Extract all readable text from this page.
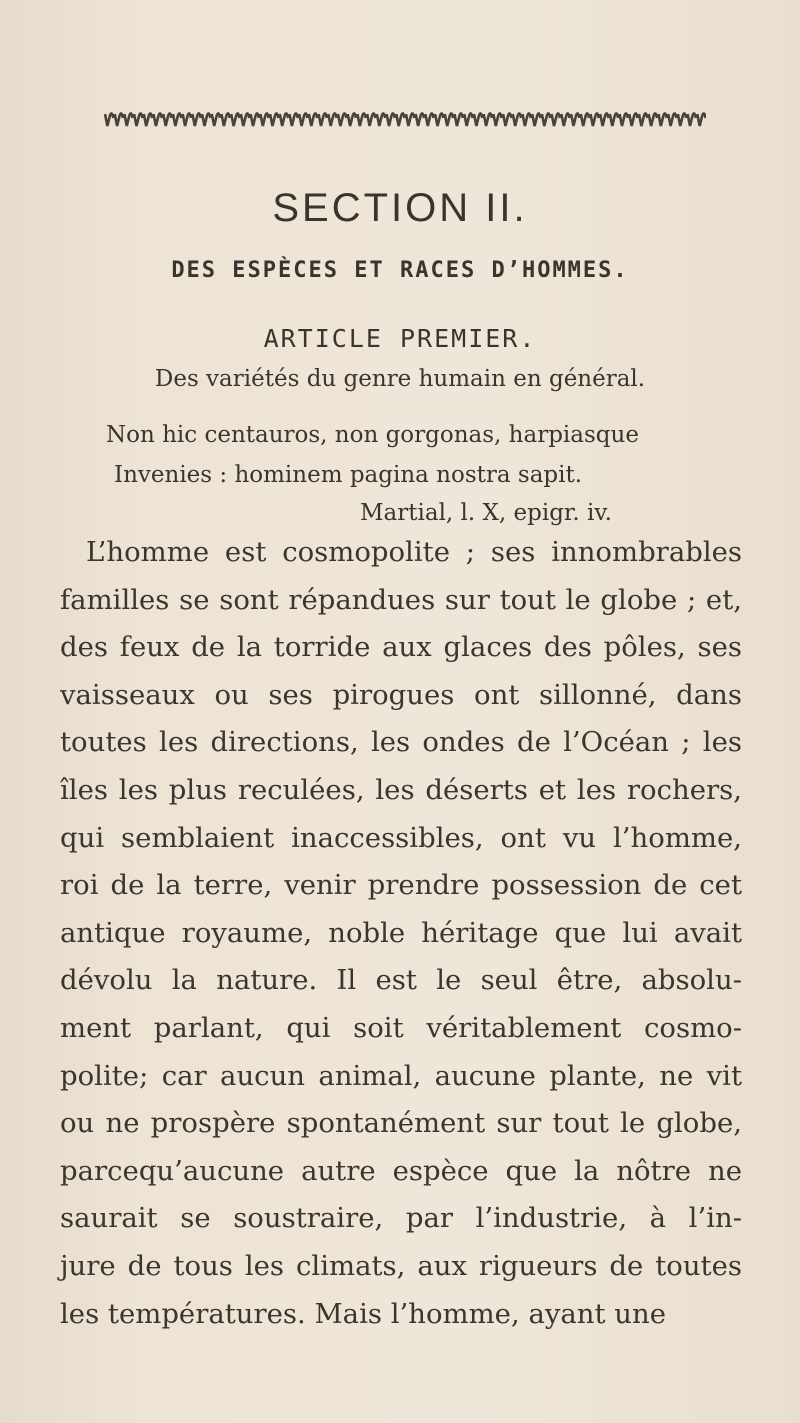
SECTION II.
DES ESPÈCES ET RACES D’HOMMES.
ARTICLE PREMIER.
Des variétés du genre humain en général.
Non hic centauros, non gorgonas, harpiasque
Invenies : hominem pagina nostra sapit.
Martial, l. X, epigr. iv.
L’homme est cosmopolite ; ses innombrables
familles se sont répandues sur tout le globe ; et,
des feux de la torride aux glaces des pôles, ses
vaisseaux ou ses pirogues ont sillonné, dans
toutes les directions, les ondes de l’Océan ; les
îles les plus reculées, les déserts et les rochers,
qui semblaient inaccessibles, ont vu l’homme,
roi de la terre, venir prendre possession de cet
antique royaume, noble héritage que lui avait
dévolu la nature. Il est le seul être, absolu-
ment parlant, qui soit véritablement cosmo-
polite; car aucun animal, aucune plante, ne vit
ou ne prospère spontanément sur tout le globe,
parcequ’aucune autre espèce que la nôtre ne
saurait se soustraire, par l’industrie, à l’in-
jure de tous les climats, aux rigueurs de toutes
les températures. Mais l’homme, ayant une
